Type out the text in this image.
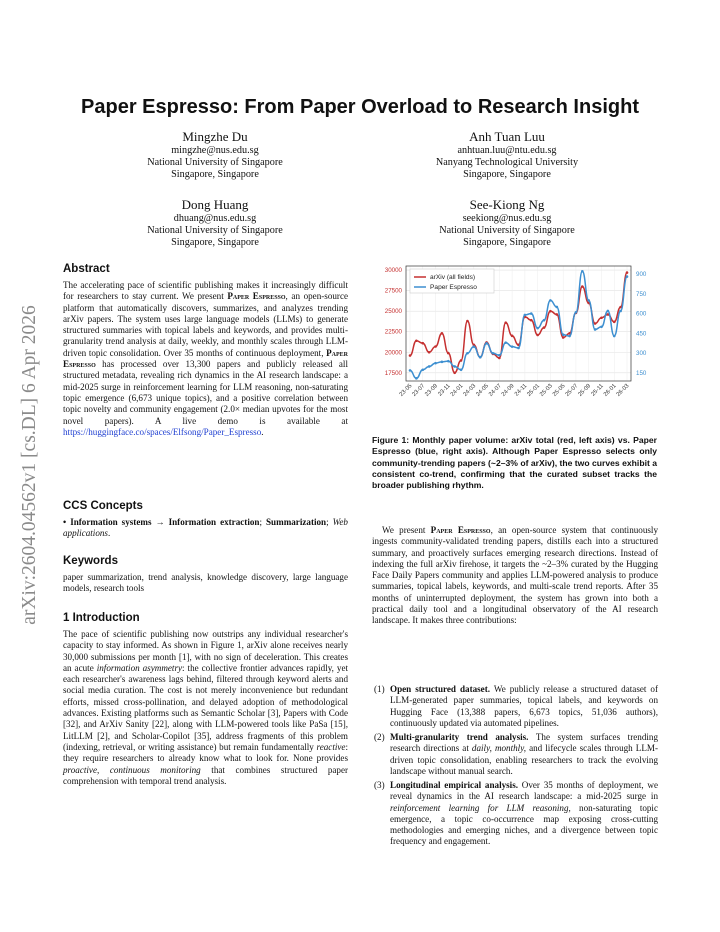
Paper Espresso: From Paper Overload to Research Insight
arXiv:2604.04562v1 [cs.DL] 6 Apr 2026
Mingzhe Du
mingzhe@nus.edu.sg
National University of Singapore
Singapore, Singapore
Anh Tuan Luu
anhtuan.luu@ntu.edu.sg
Nanyang Technological University
Singapore, Singapore
Dong Huang
dhuang@nus.edu.sg
National University of Singapore
Singapore, Singapore
See-Kiong Ng
seekiong@nus.edu.sg
National University of Singapore
Singapore, Singapore
Abstract
The accelerating pace of scientific publishing makes it increasingly difficult for researchers to stay current. We present Paper Espresso, an open-source platform that automatically discovers, summarizes, and analyzes trending arXiv papers. The system uses large language models (LLMs) to generate structured summaries with topical labels and keywords, and provides multi-granularity trend analysis at daily, weekly, and monthly scales through LLM-driven topic consolidation. Over 35 months of continuous deployment, Paper Espresso has processed over 13,300 papers and publicly released all structured metadata, revealing rich dynamics in the AI research landscape: a mid-2025 surge in reinforcement learning for LLM reasoning, non-saturating topic emergence (6,673 unique topics), and a positive correlation between topic novelty and community engagement (2.0× median upvotes for the most novel papers). A live demo is available at https://huggingface.co/spaces/Elfsong/Paper_Espresso.
CCS Concepts
• Information systems → Information extraction; Summarization; Web applications.
Keywords
paper summarization, trend analysis, knowledge discovery, large language models, research tools
1 Introduction
The pace of scientific publishing now outstrips any individual researcher's capacity to stay informed. As shown in Figure 1, arXiv alone receives nearly 30,000 submissions per month [1], with no sign of deceleration. This creates an acute information asymmetry: the collective frontier advances rapidly, yet each researcher's awareness lags behind, filtered through keyword alerts and social media curation. The cost is not merely inconvenience but redundant efforts, missed cross-pollination, and delayed adoption of methodological advances. Existing platforms such as Semantic Scholar [3], Papers with Code [32], and ArXiv Sanity [22], along with LLM-powered tools like PaSa [15], LitLLM [2], and Scholar-Copilot [35], address fragments of this problem (indexing, retrieval, or writing assistance) but remain fundamentally reactive: they require researchers to already know what to look for. None provides proactive, continuous monitoring that combines structured paper comprehension with temporal trend analysis.
17500
20000
22500
25000
27500
30000
150
300
450
600
750
900
23-05
23-07
23-09
23-11
24-01
24-03
24-05
24-07
24-09
24-11
25-01
25-03
25-05
25-07
25-09
25-11
26-01
26-03
arXiv (all fields)
Paper Espresso
Figure 1: Monthly paper volume: arXiv total (red, left axis) vs. Paper Espresso (blue, right axis). Although Paper Espresso selects only community-trending papers (~2–3% of arXiv), the two curves exhibit a consistent co-trend, confirming that the curated subset tracks the broader publishing rhythm.
We present Paper Espresso, an open-source system that continuously ingests community-validated trending papers, distills each into a structured summary, and proactively surfaces emerging research directions. Instead of indexing the full arXiv firehose, it targets the ~2–3% curated by the Hugging Face Daily Papers community and applies LLM-powered analysis to produce summaries, topical labels, keywords, and multi-scale trend reports. After 35 months of uninterrupted deployment, the system has grown into both a practical daily tool and a longitudinal observatory of the AI research landscape. It makes three contributions:
(1) Open structured dataset. We publicly release a structured dataset of LLM-generated paper summaries, topical labels, and keywords on Hugging Face (13,388 papers, 6,673 topics, 51,036 authors), continuously updated via automated pipelines.
(2) Multi-granularity trend analysis. The system surfaces trending research directions at daily, monthly, and lifecycle scales through LLM-driven topic consolidation, enabling researchers to track the evolving landscape without manual search.
(3) Longitudinal empirical analysis. Over 35 months of deployment, we reveal dynamics in the AI research landscape: a mid-2025 surge in reinforcement learning for LLM reasoning, non-saturating topic emergence, a topic co-occurrence map exposing cross-cutting methodologies and emerging niches, and a divergence between topic frequency and engagement.
